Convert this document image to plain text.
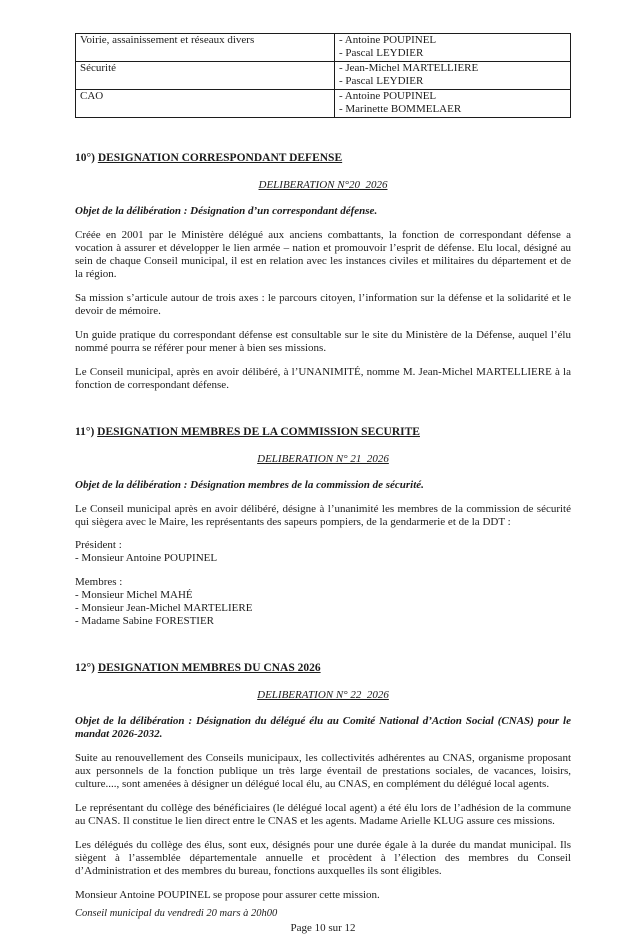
Voirie, assainissement et réseaux divers	- Antoine POUPINEL

- Pascal LEYDIER

Sécurité	- Jean-Michel MARTELLIERE

- Pascal LEYDIER

CAO	- Antoine POUPINEL

- Marinette BOMMELAER

10°) DESIGNATION CORRESPONDANT DEFENSE
DELIBERATION N°20  2026

Objet de la délibération : Désignation d’un correspondant défense.

Créée en 2001 par le Ministère délégué aux anciens combattants, la fonction de correspondant défense a vocation à assurer et développer le lien armée – nation et promouvoir l’esprit de défense. Elu local, désigné au sein de chaque Conseil municipal, il est en relation avec les instances civiles et militaires du département et de la région.

Sa mission s’articule autour de trois axes : le parcours citoyen, l’information sur la défense et la solidarité et le devoir de mémoire.

Un guide pratique du correspondant défense est consultable sur le site du Ministère de la Défense, auquel l’élu nommé pourra se référer pour mener à bien ses missions.

Le Conseil municipal, après en avoir délibéré, à l’UNANIMITÉ, nomme M. Jean-Michel MARTELLIERE à la fonction de correspondant défense.

11°) DESIGNATION MEMBRES DE LA COMMISSION SECURITE
DELIBERATION N° 21  2026

Objet de la délibération : Désignation membres de la commission de sécurité.

Le Conseil municipal après en avoir délibéré, désigne à l’unanimité les membres de la commission de sécurité qui siègera avec le Maire, les représentants des sapeurs pompiers, de la gendarmerie et de la DDT :

Président :

- Monsieur Antoine POUPINEL

Membres :

- Monsieur Michel MAHÉ

- Monsieur Jean-Michel MARTELIERE

- Madame Sabine FORESTIER

12°) DESIGNATION MEMBRES DU CNAS 2026
DELIBERATION N° 22  2026

Objet de la délibération : Désignation du délégué élu au Comité National d’Action Social (CNAS) pour le mandat 2026-2032.

Suite au renouvellement des Conseils municipaux, les collectivités adhérentes au CNAS, organisme proposant aux personnels de la fonction publique un très large éventail de prestations sociales, de vacances, loisirs, culture...., sont amenées à désigner un délégué local élu, au CNAS, en complément du délégué local agents.

Le représentant du collège des bénéficiaires (le délégué local agent) a été élu lors de l’adhésion de la commune au CNAS. Il constitue le lien direct entre le CNAS et les agents. Madame Arielle KLUG assure ces missions.

Les délégués du collège des élus, sont eux, désignés pour une durée égale à la durée du mandat municipal. Ils siègent à l’assemblée départementale annuelle et procèdent à l’élection des membres du Conseil d’Administration et des membres du bureau, fonctions auxquelles ils sont éligibles.

Monsieur Antoine POUPINEL se propose pour assurer cette mission.

Conseil municipal du vendredi 20 mars à 20h00

Page 10 sur 12
